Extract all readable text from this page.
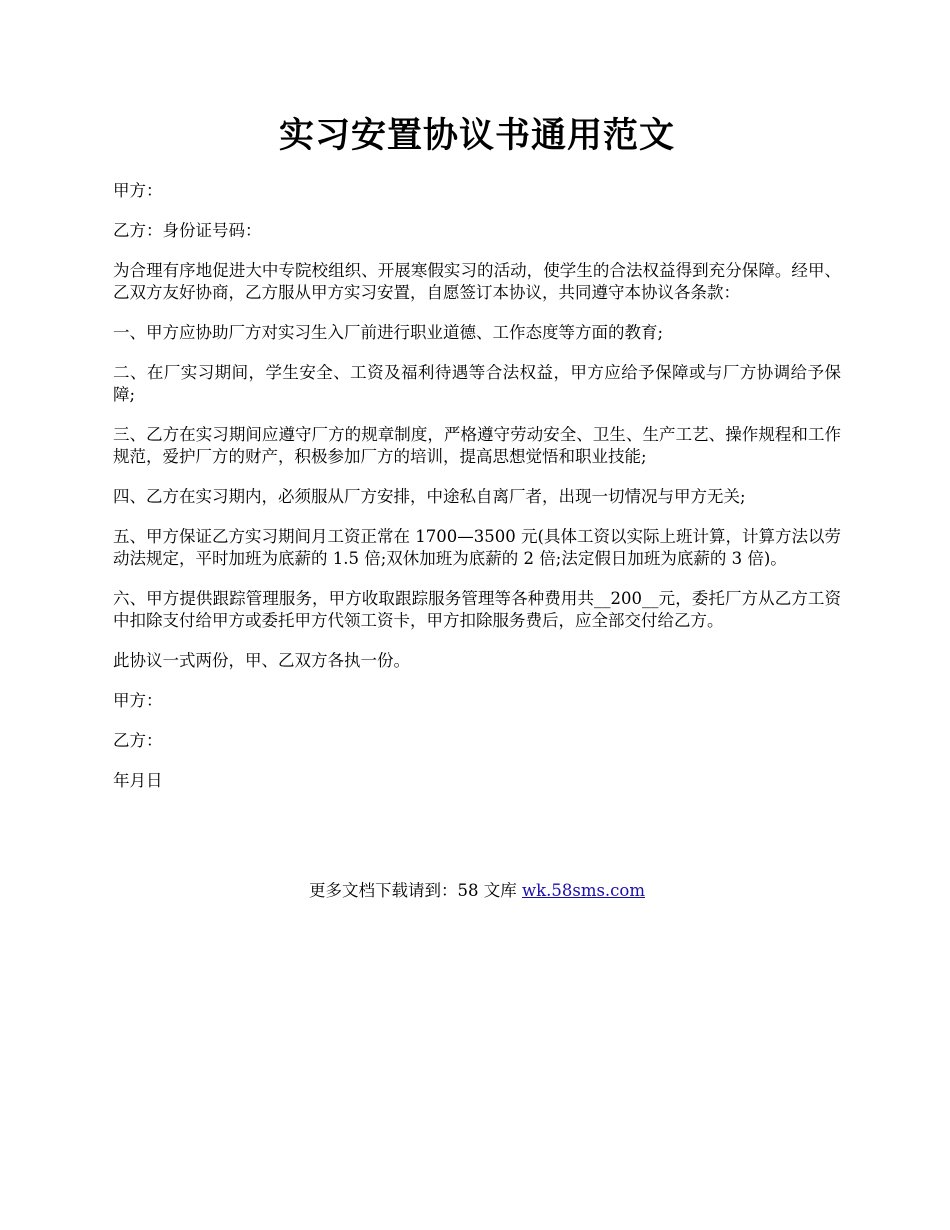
实习安置协议书通用范文

甲方：

乙方：身份证号码：

为合理有序地促进大中专院校组织、开展寒假实习的活动，使学生的合法权益得到充分保障。经甲、乙双方友好协商，乙方服从甲方实习安置，自愿签订本协议，共同遵守本协议各条款：

一、甲方应协助厂方对实习生入厂前进行职业道德、工作态度等方面的教育;

二、在厂实习期间，学生安全、工资及福利待遇等合法权益，甲方应给予保障或与厂方协调给予保障;

三、乙方在实习期间应遵守厂方的规章制度，严格遵守劳动安全、卫生、生产工艺、操作规程和工作规范，爱护厂方的财产，积极参加厂方的培训，提高思想觉悟和职业技能;

四、乙方在实习期内，必须服从厂方安排，中途私自离厂者，出现一切情况与甲方无关;

五、甲方保证乙方实习期间月工资正常在 1700—3500 元(具体工资以实际上班计算，计算方法以劳动法规定，平时加班为底薪的 1.5 倍;双休加班为底薪的 2 倍;法定假日加班为底薪的 3 倍)。

六、甲方提供跟踪管理服务，甲方收取跟踪服务管理等各种费用共__200__元，委托厂方从乙方工资中扣除支付给甲方或委托甲方代领工资卡，甲方扣除服务费后，应全部交付给乙方。

此协议一式两份，甲、乙双方各执一份。

甲方：

乙方：

年月日

更多文档下载请到：58 文库 wk.58sms.com
